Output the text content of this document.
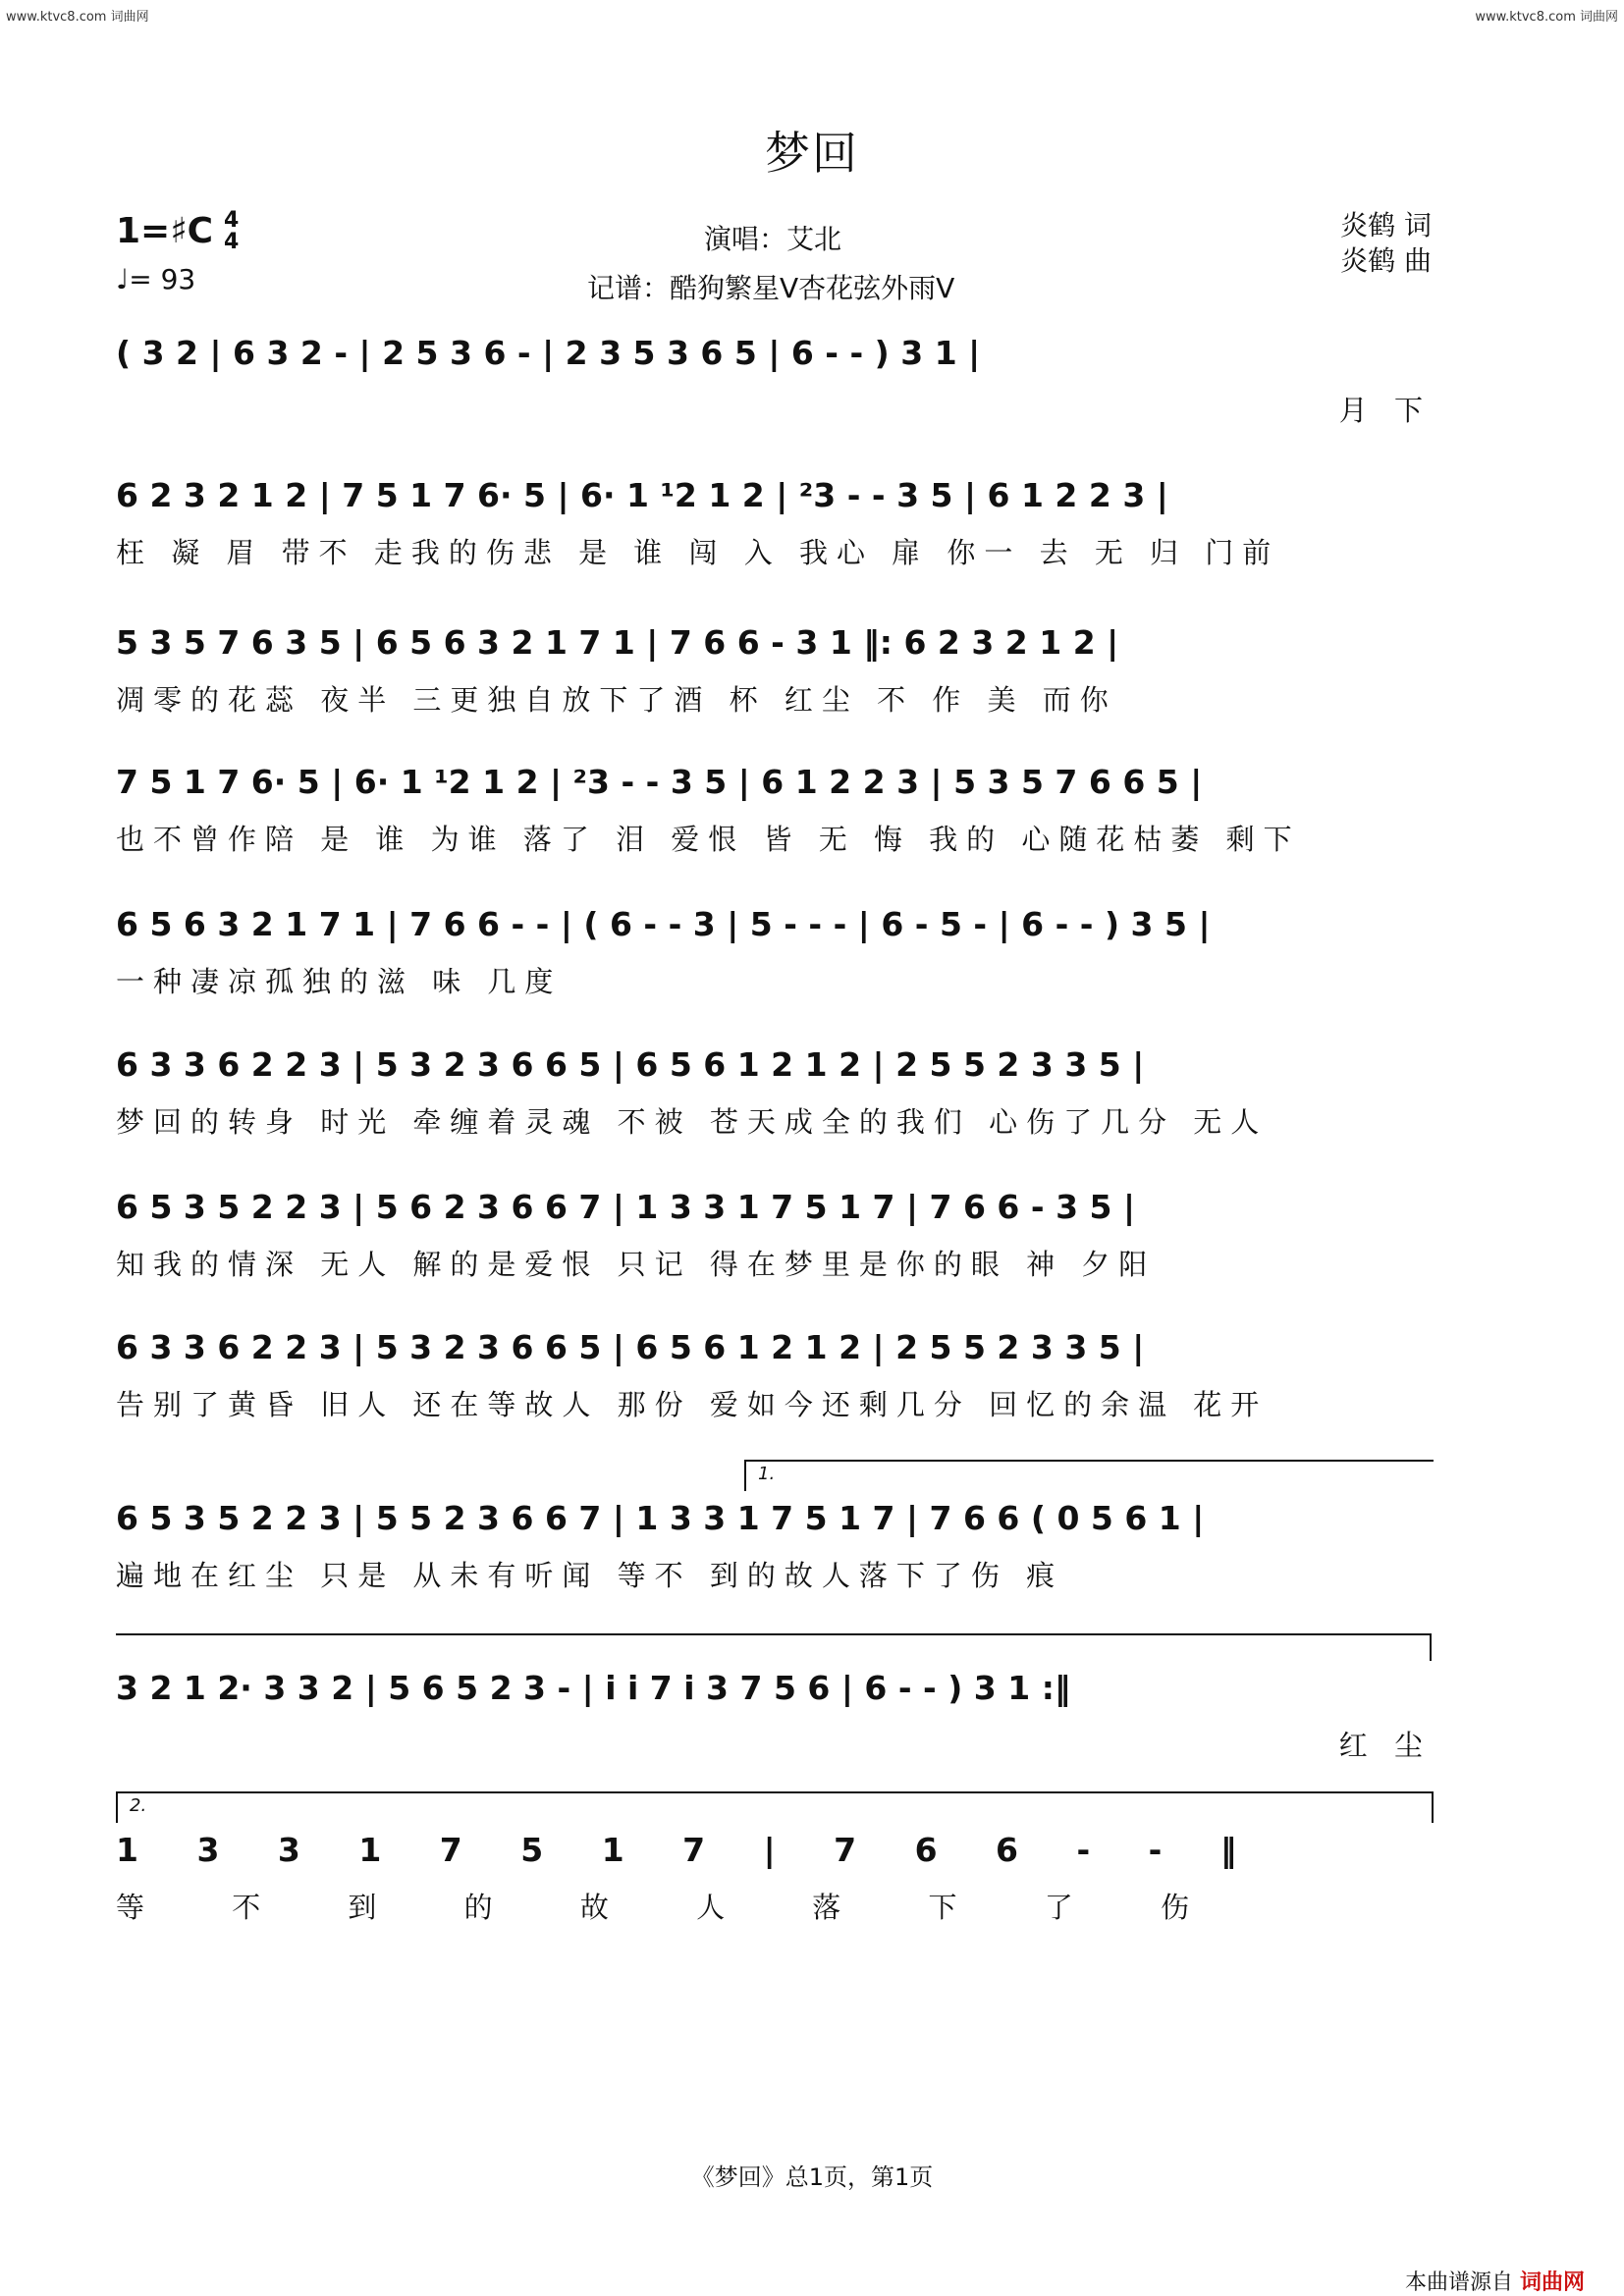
www.ktvc8.com 词曲网	www.ktvc8.com 词曲网
梦回
1=♯C 4
4
♩= 93
演唱：艾北
记谱：酷狗繁星V杏花弦外雨V
炎鹤 词
炎鹤 曲
( 3 2 | 6 3 2 - | 2 5 3 6 - | 2 3 5 3 6 5 | 6 - - ) 3 1 |
月 下
6 2 3 2 1 2 | 7 5 1 7 6· 5 | 6· 1 ¹2 1 2 | ²3 - - 3 5 | 6 1 2 2 3 |
枉 凝 眉 带不 走我的伤悲 是 谁 闯 入 我心 扉 你一 去 无 归 门前
5 3 5 7 6 3 5 | 6 5 6 3 2 1 7 1 | 7 6 6 - 3 1 ‖: 6 2 3 2 1 2 |
凋零的花蕊 夜半 三更独自放下了酒 杯 红尘 不 作 美 而你
7 5 1 7 6· 5 | 6· 1 ¹2 1 2 | ²3 - - 3 5 | 6 1 2 2 3 | 5 3 5 7 6 6 5 |
也不曾作陪 是 谁 为谁 落了 泪 爱恨 皆 无 悔 我的 心随花枯萎 剩下
6 5 6 3 2 1 7 1 | 7 6 6 - - | ( 6 - - 3 | 5 - - - | 6 - 5 - | 6 - - ) 3 5 |
一种凄凉孤独的滋 味 几度
6 3 3 6 2 2 3 | 5 3 2 3 6 6 5 | 6 5 6 1 2 1 2 | 2 5 5 2 3 3 5 |
梦回的转身 时光 牵缠着灵魂 不被 苍天成全的我们 心伤了几分 无人
6 5 3 5 2 2 3 | 5 6 2 3 6 6 7 | 1 3 3 1 7 5 1 7 | 7 6 6 - 3 5 |
知我的情深 无人 解的是爱恨 只记 得在梦里是你的眼 神 夕阳
6 3 3 6 2 2 3 | 5 3 2 3 6 6 5 | 6 5 6 1 2 1 2 | 2 5 5 2 3 3 5 |
告别了黄昏 旧人 还在等故人 那份 爱如今还剩几分 回忆的余温 花开
1.
6 5 3 5 2 2 3 | 5 5 2 3 6 6 7 | 1 3 3 1 7 5 1 7 | 7 6 6 ( 0 5 6 1 |
遍地在红尘 只是 从未有听闻 等不 到的故人落下了伤 痕
3 2 1 2· 3 3 2 | 5 6 5 2 3 - | i i 7 i 3 7 5 6 | 6 - - ) 3 1 :‖
红 尘
2.
1 3 3 1 7 5 1 7 | 7 6 6 - - ‖
等 不 到 的 故 人 落 下 了 伤
《梦回》总1页，第1页
本曲谱源自 词曲网
